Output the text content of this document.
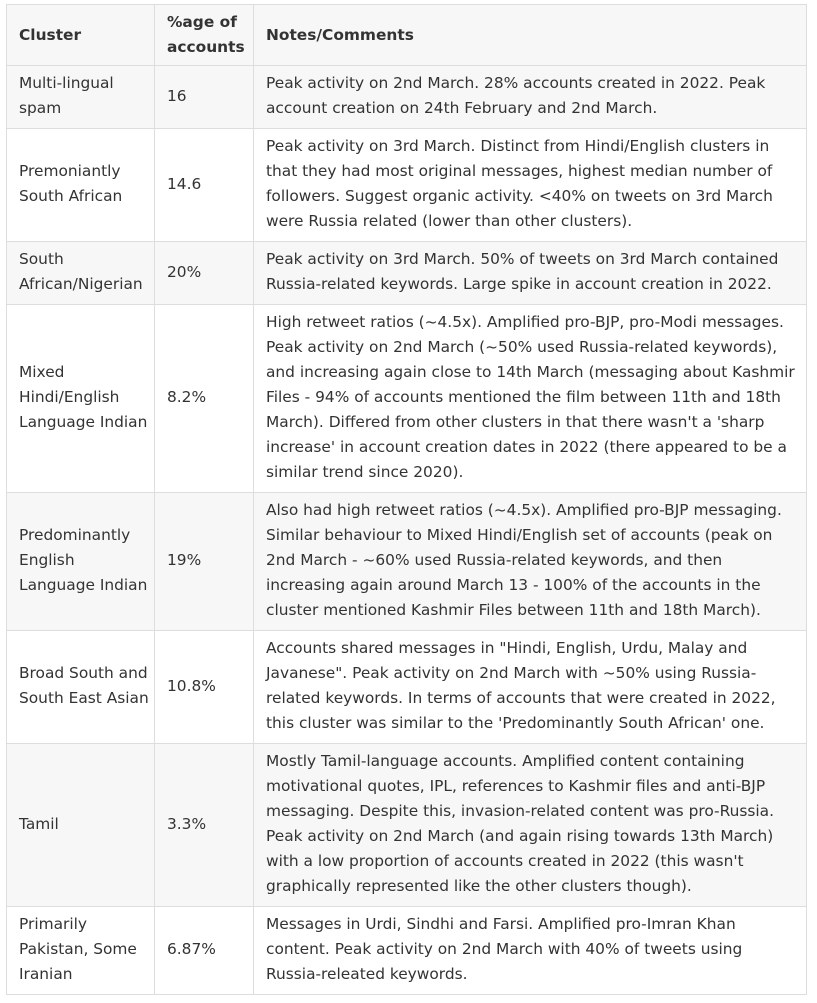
Cluster	%age of accounts	Notes/Comments
Multi-lingual spam	16	Peak activity on 2nd March. 28% accounts created in 2022. Peak account creation on 24th February and 2nd March.
Premoniantly South African	14.6	Peak activity on 3rd March. Distinct from Hindi/English clusters in that they had most original messages, highest median number of followers. Suggest organic activity. <40% on tweets on 3rd March were Russia related (lower than other clusters).
South African/Nigerian	20%	Peak activity on 3rd March. 50% of tweets on 3rd March contained Russia-related keywords. Large spike in account creation in 2022.
Mixed Hindi/English Language Indian	8.2%	High retweet ratios (~4.5x). Amplified pro-BJP, pro-Modi messages. Peak activity on 2nd March (~50% used Russia-related keywords), and increasing again close to 14th March (messaging about Kashmir Files - 94% of accounts mentioned the film between 11th and 18th March). Differed from other clusters in that there wasn't a 'sharp increase' in account creation dates in 2022 (there appeared to be a similar trend since 2020).
Predominantly English Language Indian	19%	Also had high retweet ratios (~4.5x). Amplified pro-BJP messaging. Similar behaviour to Mixed Hindi/English set of accounts (peak on 2nd March - ~60% used Russia-related keywords, and then increasing again around March 13 - 100% of the accounts in the cluster mentioned Kashmir Files between 11th and 18th March).
Broad South and South East Asian	10.8%	Accounts shared messages in "Hindi, English, Urdu, Malay and Javanese". Peak activity on 2nd March with ~50% using Russia-related keywords. In terms of accounts that were created in 2022, this cluster was similar to the 'Predominantly South African' one.
Tamil	3.3%	Mostly Tamil-language accounts. Amplified content containing motivational quotes, IPL, references to Kashmir files and anti-BJP messaging. Despite this, invasion-related content was pro-Russia. Peak activity on 2nd March (and again rising towards 13th March) with a low proportion of accounts created in 2022 (this wasn't graphically represented like the other clusters though).
Primarily Pakistan, Some Iranian	6.87%	Messages in Urdi, Sindhi and Farsi. Amplified pro-Imran Khan content. Peak activity on 2nd March with 40% of tweets using Russia-releated keywords.
